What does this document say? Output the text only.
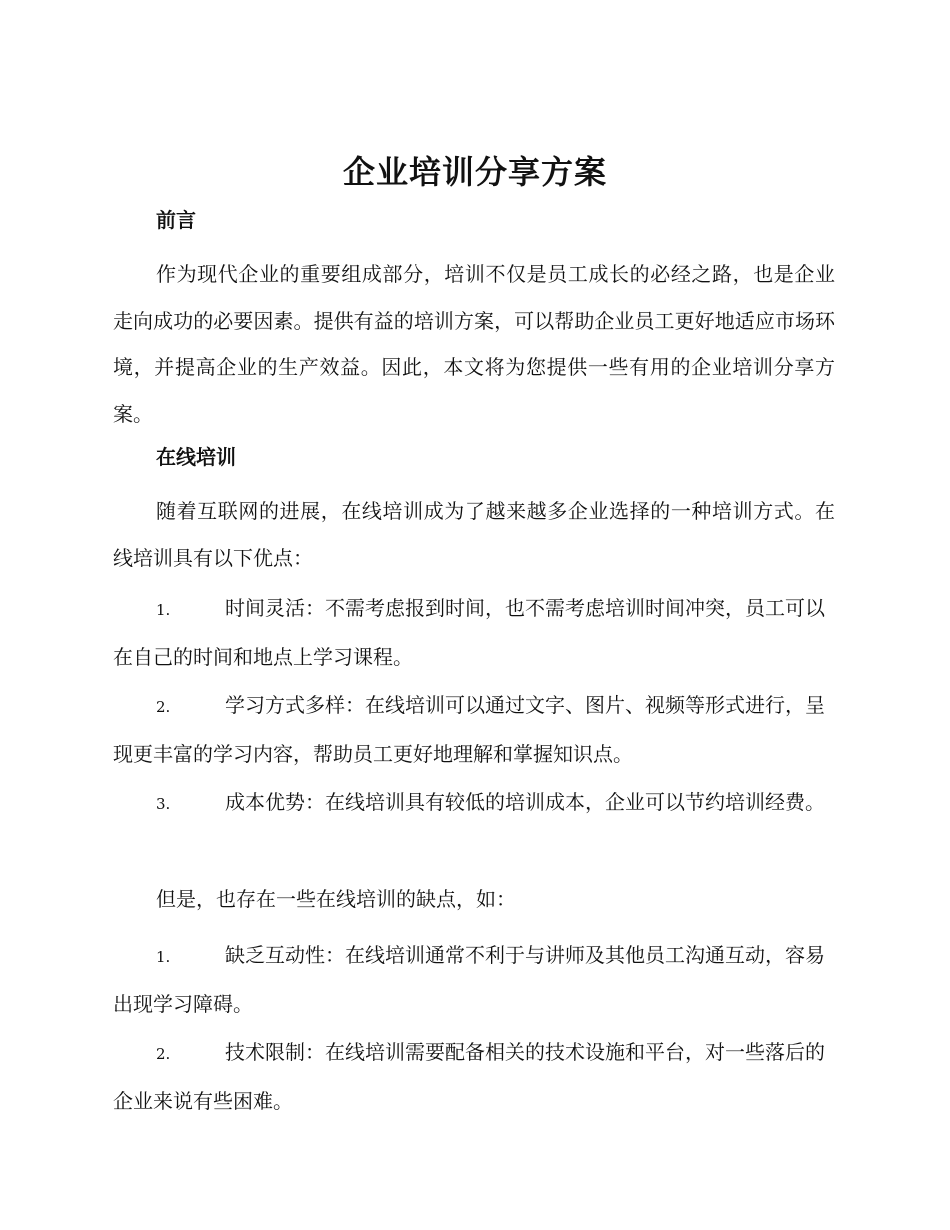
企业培训分享方案
前言

作为现代企业的重要组成部分，培训不仅是员工成长的必经之路，也是企业走向成功的必要因素。提供有益的培训方案，可以帮助企业员工更好地适应市场环境，并提高企业的生产效益。因此，本文将为您提供一些有用的企业培训分享方案。

在线培训

随着互联网的进展，在线培训成为了越来越多企业选择的一种培训方式。在线培训具有以下优点：

1.	时间灵活：不需考虑报到时间，也不需考虑培训时间冲突，员工可以在自己的时间和地点上学习课程。

2.	学习方式多样：在线培训可以通过文字、图片、视频等形式进行，呈现更丰富的学习内容，帮助员工更好地理解和掌握知识点。

3.	成本优势：在线培训具有较低的培训成本，企业可以节约培训经费。

但是，也存在一些在线培训的缺点，如：

1.	缺乏互动性：在线培训通常不利于与讲师及其他员工沟通互动，容易出现学习障碍。

2.	技术限制：在线培训需要配备相关的技术设施和平台，对一些落后的企业来说有些困难。
